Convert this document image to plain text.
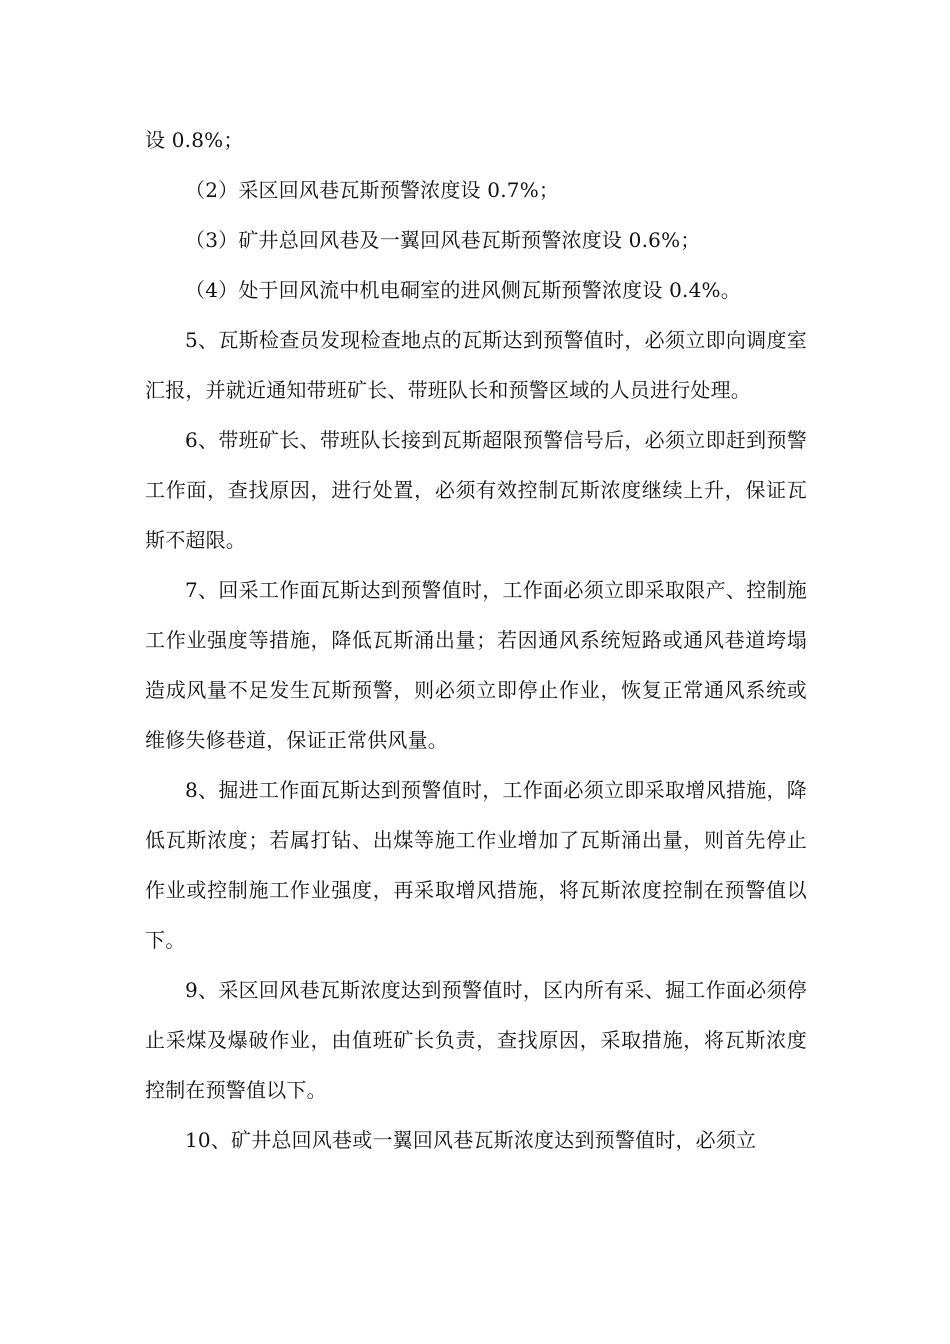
设 0.8%；

（2）采区回风巷瓦斯预警浓度设 0.7%；

（3）矿井总回风巷及一翼回风巷瓦斯预警浓度设 0.6%；

（4）处于回风流中机电硐室的进风侧瓦斯预警浓度设 0.4%。

5、瓦斯检查员发现检查地点的瓦斯达到预警值时，必须立即向调度室汇报，并就近通知带班矿长、带班队长和预警区域的人员进行处理。

6、带班矿长、带班队长接到瓦斯超限预警信号后，必须立即赶到预警工作面，查找原因，进行处置，必须有效控制瓦斯浓度继续上升，保证瓦斯不超限。

7、回采工作面瓦斯达到预警值时，工作面必须立即采取限产、控制施工作业强度等措施，降低瓦斯涌出量；若因通风系统短路或通风巷道垮塌造成风量不足发生瓦斯预警，则必须立即停止作业，恢复正常通风系统或维修失修巷道，保证正常供风量。

8、掘进工作面瓦斯达到预警值时，工作面必须立即采取增风措施，降低瓦斯浓度；若属打钻、出煤等施工作业增加了瓦斯涌出量，则首先停止作业或控制施工作业强度，再采取增风措施，将瓦斯浓度控制在预警值以下。

9、采区回风巷瓦斯浓度达到预警值时，区内所有采、掘工作面必须停止采煤及爆破作业，由值班矿长负责，查找原因，采取措施，将瓦斯浓度控制在预警值以下。

10、矿井总回风巷或一翼回风巷瓦斯浓度达到预警值时，必须立
